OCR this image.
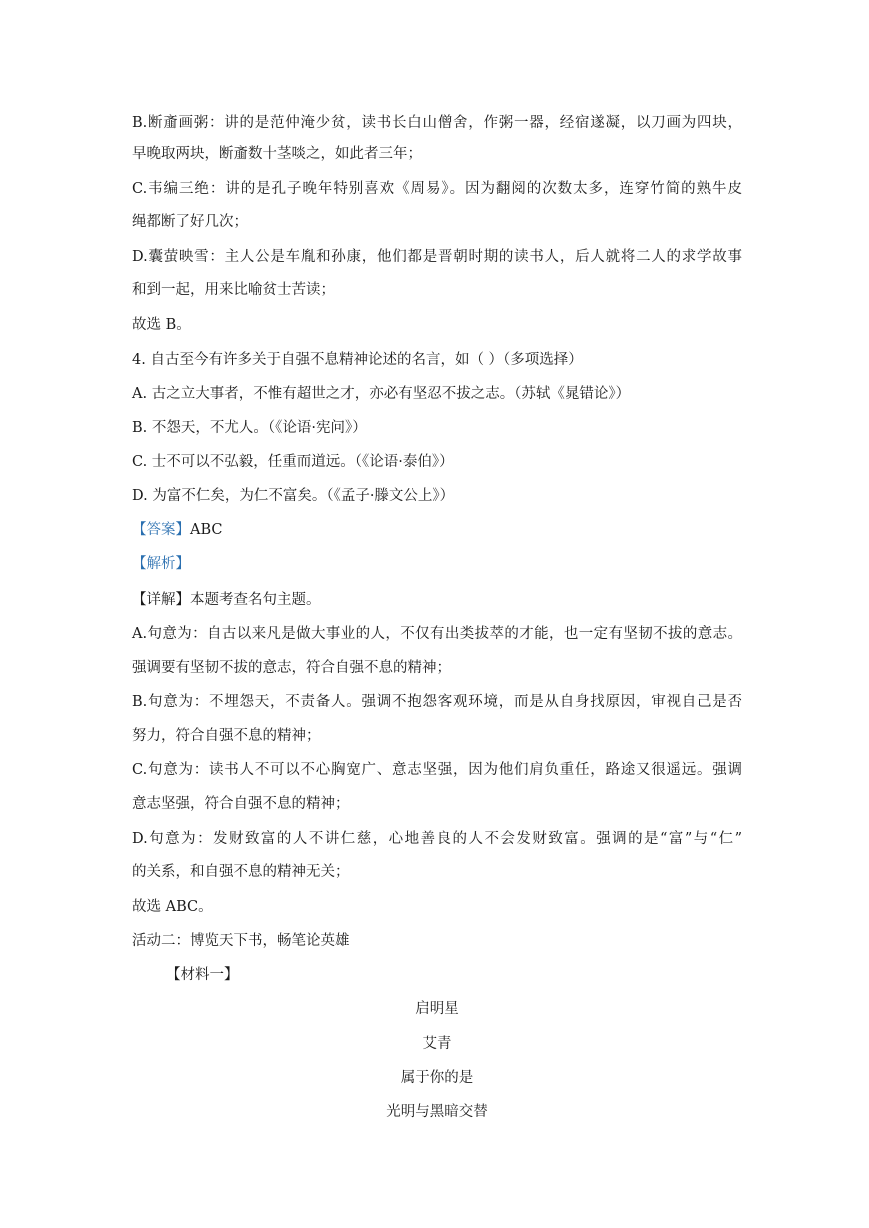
B.断齑画粥：讲的是范仲淹少贫，读书长白山僧舍，作粥一器，经宿遂凝，以刀画为四块，
早晚取两块，断齑数十茎啖之，如此者三年；
C.韦编三绝：讲的是孔子晚年特别喜欢《周易》。因为翻阅的次数太多，连穿竹简的熟牛皮
绳都断了好几次；
D.囊萤映雪：主人公是车胤和孙康，他们都是晋朝时期的读书人，后人就将二人的求学故事
和到一起，用来比喻贫士苦读；
故选 B。
4. 自古至今有许多关于自强不息精神论述的名言，如（ ）（多项选择）
A. 古之立大事者，不惟有超世之才，亦必有坚忍不拔之志。（苏轼《晁错论》）
B. 不怨天，不尤人。（《论语·宪问》）
C. 士不可以不弘毅，任重而道远。（《论语·泰伯》）
D. 为富不仁矣，为仁不富矣。（《孟子·滕文公上》）
【答案】ABC
【解析】
【详解】本题考查名句主题。
A.句意为：自古以来凡是做大事业的人，不仅有出类拔萃的才能，也一定有坚韧不拔的意志。
强调要有坚韧不拔的意志，符合自强不息的精神；
B.句意为：不埋怨天，不责备人。强调不抱怨客观环境，而是从自身找原因，审视自己是否
努力，符合自强不息的精神；
C.句意为：读书人不可以不心胸宽广、意志坚强，因为他们肩负重任，路途又很遥远。强调
意志坚强，符合自强不息的精神；
D.句意为：发财致富的人不讲仁慈，心地善良的人不会发财致富。强调的是“富”与“仁”
的关系，和自强不息的精神无关；
故选 ABC。
活动二：博览天下书，畅笔论英雄
【材料一】
启明星
艾青
属于你的是
光明与黑暗交替
